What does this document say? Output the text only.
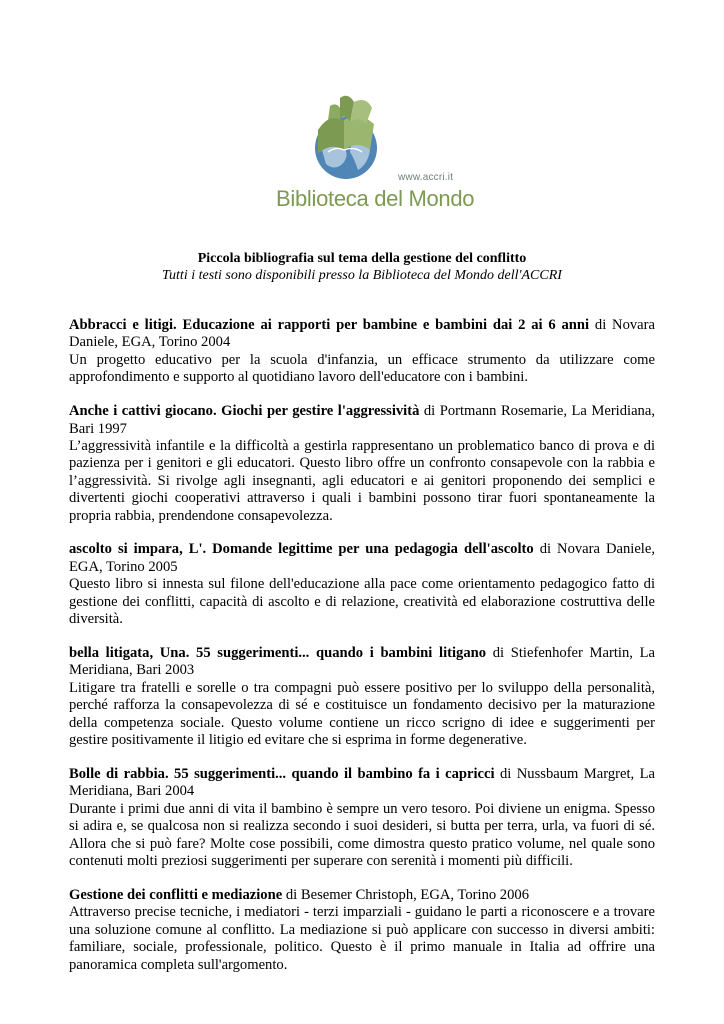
www.accri.it
Biblioteca del Mondo
Piccola bibliografia sul tema della gestione del conflitto
Tutti i testi sono disponibili presso la Biblioteca del Mondo dell'ACCRI

Abbracci e litigi. Educazione ai rapporti per bambine e bambini dai 2 ai 6 anni di Novara Daniele, EGA, Torino 2004

Un progetto educativo per la scuola d'infanzia, un efficace strumento da utilizzare come approfondimento e supporto al quotidiano lavoro dell'educatore con i bambini.

Anche i cattivi giocano. Giochi per gestire l'aggressività di Portmann Rosemarie, La Meridiana, Bari 1997

L’aggressività infantile e la difficoltà a gestirla rappresentano un problematico banco di prova e di pazienza per i genitori e gli educatori. Questo libro offre un confronto consapevole con la rabbia e l’aggressività. Si rivolge agli insegnanti, agli educatori e ai genitori proponendo dei semplici e divertenti giochi cooperativi attraverso i quali i bambini possono tirar fuori spontaneamente la propria rabbia, prendendone consapevolezza.

ascolto si impara, L'. Domande legittime per una pedagogia dell'ascolto di Novara Daniele, EGA, Torino 2005

Questo libro si innesta sul filone dell'educazione alla pace come orientamento pedagogico fatto di gestione dei conflitti, capacità di ascolto e di relazione, creatività ed elaborazione costruttiva delle diversità.

bella litigata, Una. 55 suggerimenti... quando i bambini litigano di Stiefenhofer Martin, La Meridiana, Bari 2003

Litigare tra fratelli e sorelle o tra compagni può essere positivo per lo sviluppo della personalità, perché rafforza la consapevolezza di sé e costituisce un fondamento decisivo per la maturazione della competenza sociale. Questo volume contiene un ricco scrigno di idee e suggerimenti per gestire positivamente il litigio ed evitare che si esprima in forme degenerative.

Bolle di rabbia. 55 suggerimenti... quando il bambino fa i capricci di Nussbaum Margret, La Meridiana, Bari 2004

Durante i primi due anni di vita il bambino è sempre un vero tesoro. Poi diviene un enigma. Spesso si adira e, se qualcosa non si realizza secondo i suoi desideri, si butta per terra, urla, va fuori di sé. Allora che si può fare? Molte cose possibili, come dimostra questo pratico volume, nel quale sono contenuti molti preziosi suggerimenti per superare con serenità i momenti più difficili.

Gestione dei conflitti e mediazione di Besemer Christoph, EGA, Torino 2006

Attraverso precise tecniche, i mediatori - terzi imparziali - guidano le parti a riconoscere e a trovare una soluzione comune al conflitto. La mediazione si può applicare con successo in diversi ambiti: familiare, sociale, professionale, politico. Questo è il primo manuale in Italia ad offrire una panoramica completa sull'argomento.
